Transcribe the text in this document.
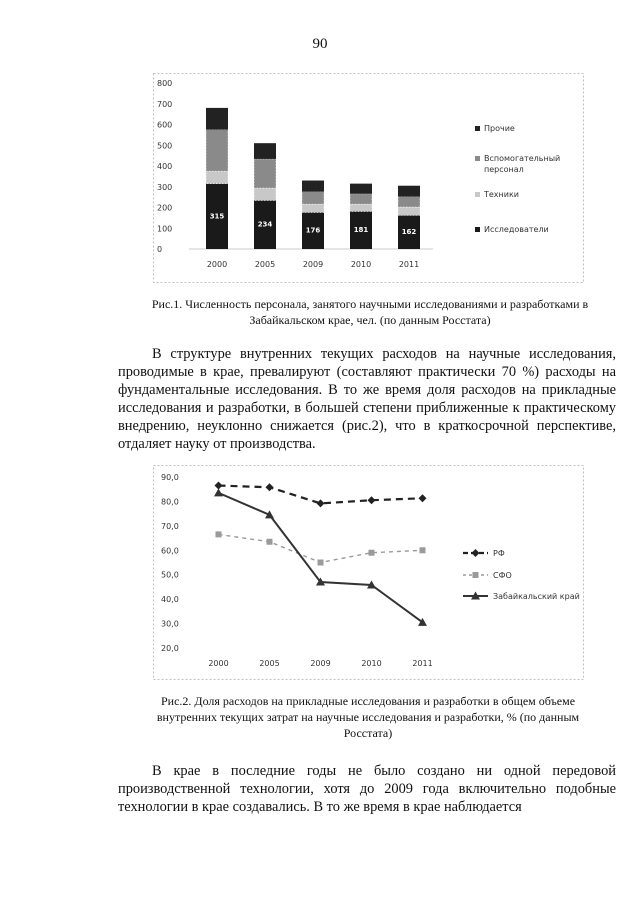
90
800
700
600
500
400
300
200
100
0
315
2000
234
2005
176
2009
181
2010
162
2011
Прочие
Вспомогательный персонал
Техники
Исследователи
Рис.1. Численность персонала, занятого научными исследованиями и разработками в
Забайкальском крае, чел. (по данным Росстата)
В структуре внутренних текущих расходов на научные исследования, проводимые в крае, превалируют (составляют практически 70 %) расходы на фундаментальные исследования. В то же время доля расходов на прикладные исследования и разработки, в большей степени приближенные к практическому внедрению, неуклонно снижается (рис.2), что в краткосрочной перспективе, отдаляет науку от производства.
90,0
80,0
70,0
60,0
50,0
40,0
30,0
20,0
2000	2005	2009	2010	2011
РФ
СФО
Забайкальский край
Рис.2. Доля расходов на прикладные исследования и разработки в общем объеме
внутренних текущих затрат на научные исследования и разработки, % (по данным
Росстата)
В крае в последние годы не было создано ни одной передовой производственной технологии, хотя до 2009 года включительно подобные технологии в крае создавались. В то же время в крае наблюдается
